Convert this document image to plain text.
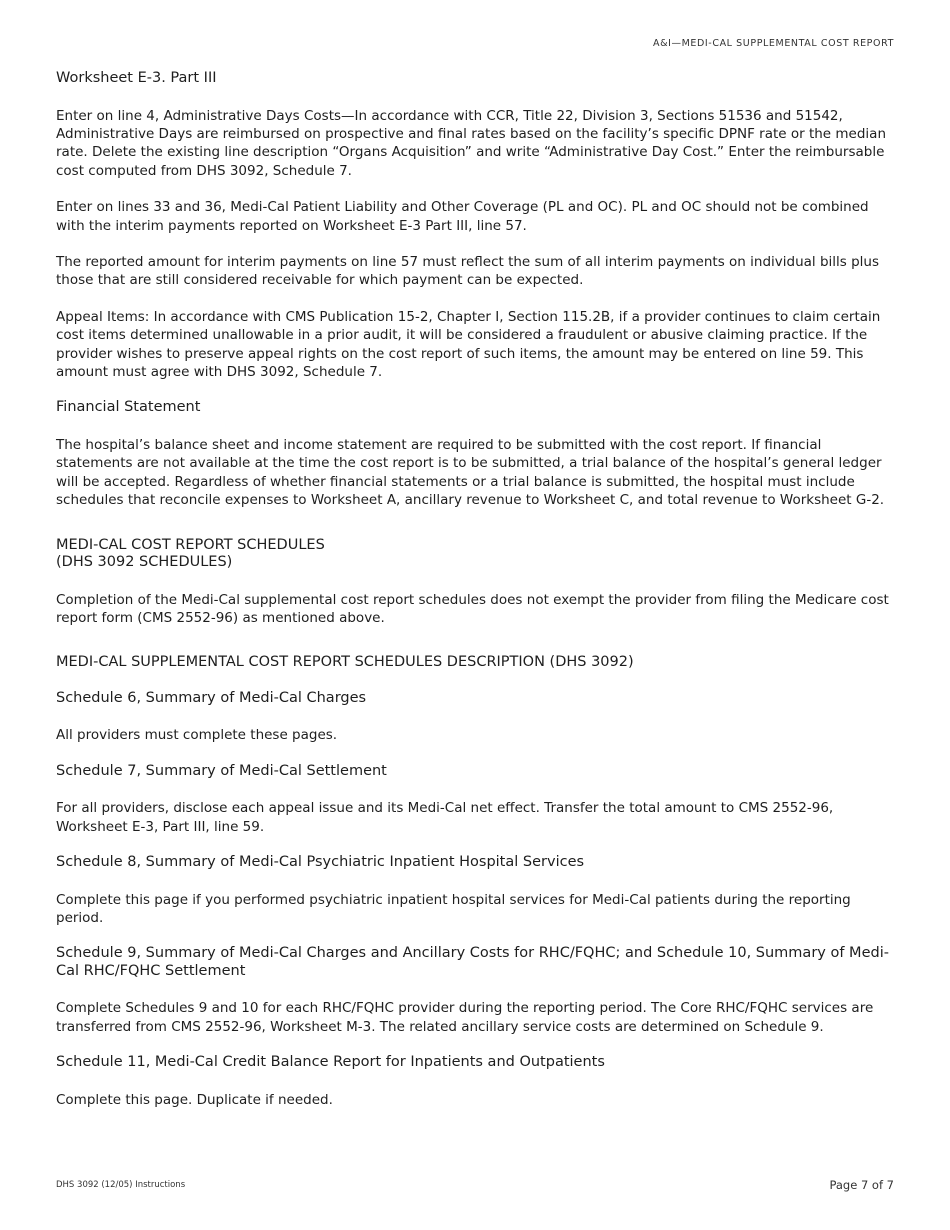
A&I—MEDI-CAL SUPPLEMENTAL COST REPORT

Worksheet E-3. Part III

Enter on line 4, Administrative Days Costs—In accordance with CCR, Title 22, Division 3, Sections 51536 and 51542, Administrative Days are reimbursed on prospective and final rates based on the facility’s specific DPNF rate or the median rate. Delete the existing line description “Organs Acquisition” and write “Administrative Day Cost.” Enter the reimbursable cost computed from DHS 3092, Schedule 7.

Enter on lines 33 and 36, Medi-Cal Patient Liability and Other Coverage (PL and OC). PL and OC should not be combined with the interim payments reported on Worksheet E-3 Part III, line 57.

The reported amount for interim payments on line 57 must reflect the sum of all interim payments on individual bills plus those that are still considered receivable for which payment can be expected.

Appeal Items: In accordance with CMS Publication 15-2, Chapter I, Section 115.2B, if a provider continues to claim certain cost items determined unallowable in a prior audit, it will be considered a fraudulent or abusive claiming practice. If the provider wishes to preserve appeal rights on the cost report of such items, the amount may be entered on line 59. This amount must agree with DHS 3092, Schedule 7.

Financial Statement

The hospital’s balance sheet and income statement are required to be submitted with the cost report. If financial statements are not available at the time the cost report is to be submitted, a trial balance of the hospital’s general ledger will be accepted. Regardless of whether financial statements or a trial balance is submitted, the hospital must include schedules that reconcile expenses to Worksheet A, ancillary revenue to Worksheet C, and total revenue to Worksheet G-2.

MEDI-CAL COST REPORT SCHEDULES

(DHS 3092 SCHEDULES)

Completion of the Medi-Cal supplemental cost report schedules does not exempt the provider from filing the Medicare cost report form (CMS 2552-96) as mentioned above.

MEDI-CAL SUPPLEMENTAL COST REPORT SCHEDULES DESCRIPTION (DHS 3092)

Schedule 6, Summary of Medi-Cal Charges

All providers must complete these pages.

Schedule 7, Summary of Medi-Cal Settlement

For all providers, disclose each appeal issue and its Medi-Cal net effect. Transfer the total amount to CMS 2552-96, Worksheet E-3, Part III, line 59.

Schedule 8, Summary of Medi-Cal Psychiatric Inpatient Hospital Services

Complete this page if you performed psychiatric inpatient hospital services for Medi-Cal patients during the reporting period.

Schedule 9, Summary of Medi-Cal Charges and Ancillary Costs for RHC/FQHC; and Schedule 10, Summary of Medi-Cal RHC/FQHC Settlement

Complete Schedules 9 and 10 for each RHC/FQHC provider during the reporting period. The Core RHC/FQHC services are transferred from CMS 2552-96, Worksheet M-3. The related ancillary service costs are determined on Schedule 9.

Schedule 11, Medi-Cal Credit Balance Report for Inpatients and Outpatients

Complete this page. Duplicate if needed.

DHS 3092 (12/05) Instructions	Page 7 of 7
